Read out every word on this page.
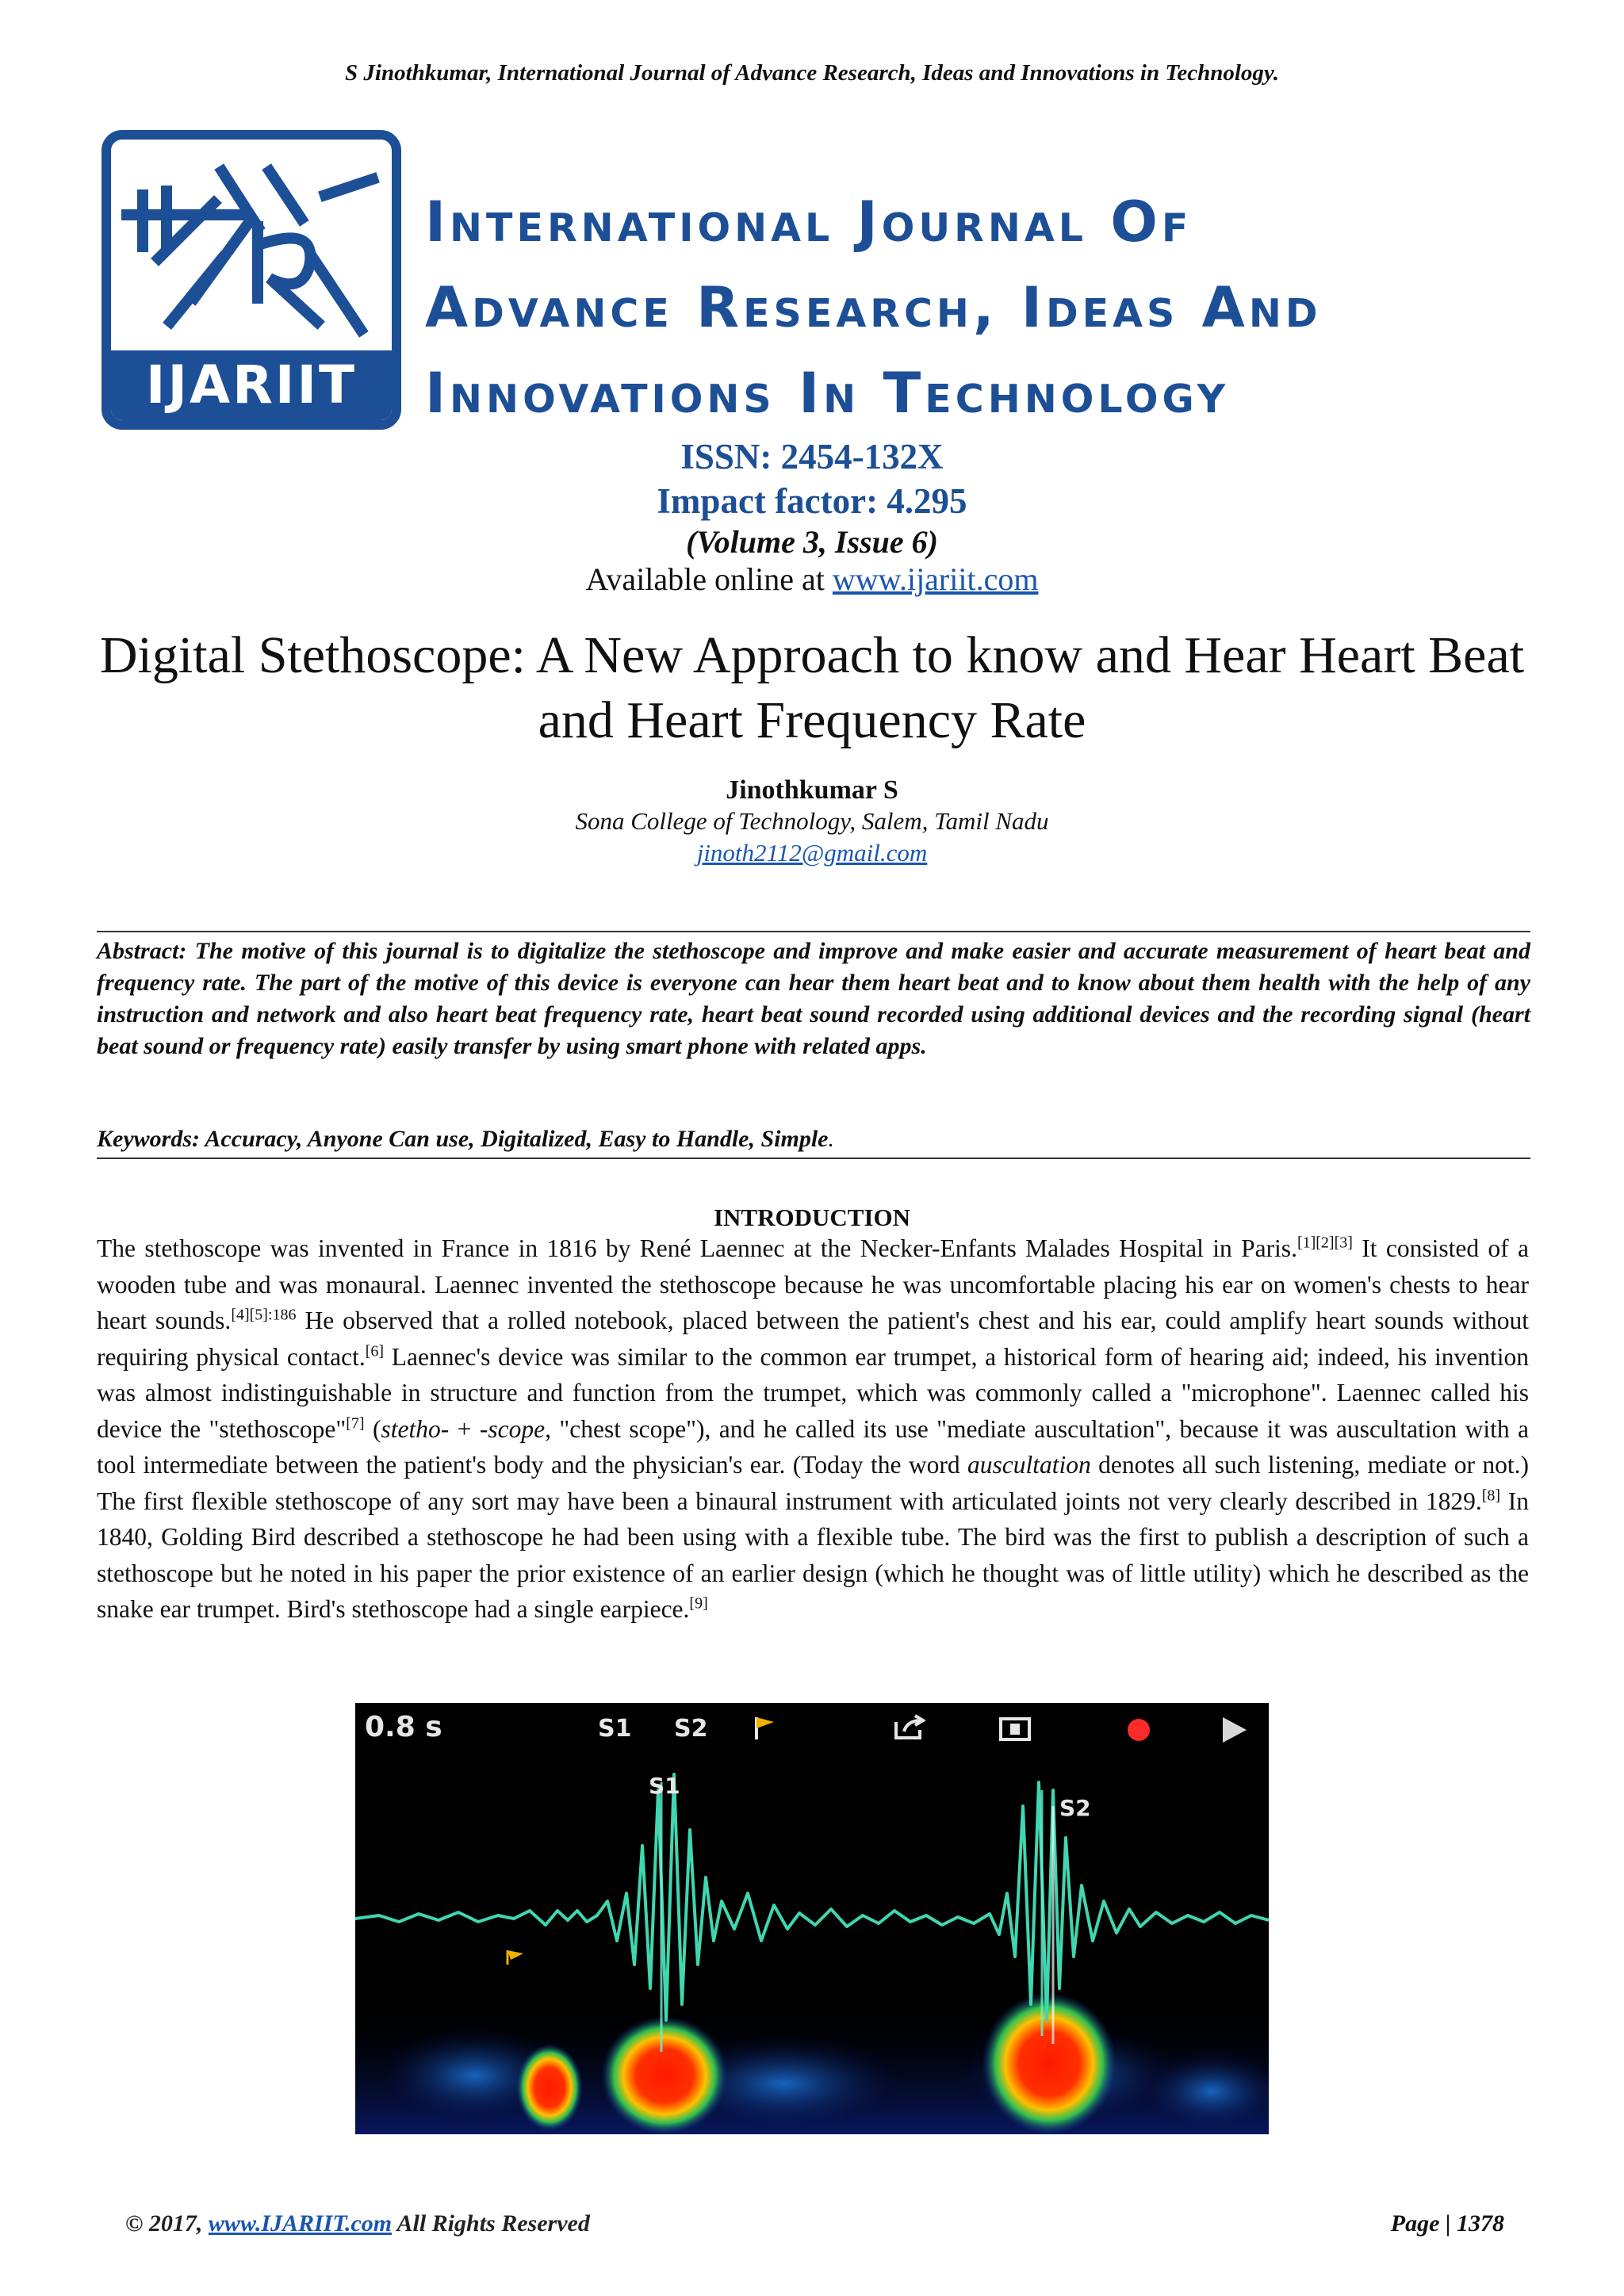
S Jinothkumar, International Journal of Advance Research, Ideas and Innovations in Technology.
IJARIIT
International Journal Of
Advance Research, Ideas And
Innovations In Technology
ISSN: 2454-132X
Impact factor: 4.295
(Volume 3, Issue 6)
Available online at www.ijariit.com
Digital Stethoscope: A New Approach to know and Hear Heart Beat and Heart Frequency Rate
Jinothkumar S
Sona College of Technology, Salem, Tamil Nadu
jinoth2112@gmail.com
Abstract: The motive of this journal is to digitalize the stethoscope and improve and make easier and accurate measurement of heart beat and frequency rate. The part of the motive of this device is everyone can hear them heart beat and to know about them health with the help of any instruction and network and also heart beat frequency rate, heart beat sound recorded using additional devices and the recording signal (heart beat sound or frequency rate) easily transfer by using smart phone with related apps.
Keywords: Accuracy, Anyone Can use, Digitalized, Easy to Handle, Simple.
INTRODUCTION
The stethoscope was invented in France in 1816 by René Laennec at the Necker-Enfants Malades Hospital in Paris.[1][2][3] It consisted of a wooden tube and was monaural. Laennec invented the stethoscope because he was uncomfortable placing his ear on women's chests to hear heart sounds.$^{[4][5]:186}$ He observed that a rolled notebook, placed between the patient's chest and his ear, could amplify heart sounds without requiring physical contact.[6] Laennec's device was similar to the common ear trumpet, a historical form of hearing aid; indeed, his invention was almost indistinguishable in structure and function from the trumpet, which was commonly called a "microphone". Laennec called his device the "stethoscope"[7] (stetho- + -scope, "chest scope"), and he called its use "mediate auscultation", because it was auscultation with a tool intermediate between the patient's body and the physician's ear. (Today the word auscultation denotes all such listening, mediate or not.) The first flexible stethoscope of any sort may have been a binaural instrument with articulated joints not very clearly described in 1829.[8] In 1840, Golding Bird described a stethoscope he had been using with a flexible tube. The bird was the first to publish a description of such a stethoscope but he noted in his paper the prior existence of an earlier design (which he thought was of little utility) which he described as the snake ear trumpet. Bird's stethoscope had a single earpiece.[9]
0.8 s	S1 S2
S1
S2
© 2017, www.IJARIIT.com All Rights Reserved	Page | 1378
